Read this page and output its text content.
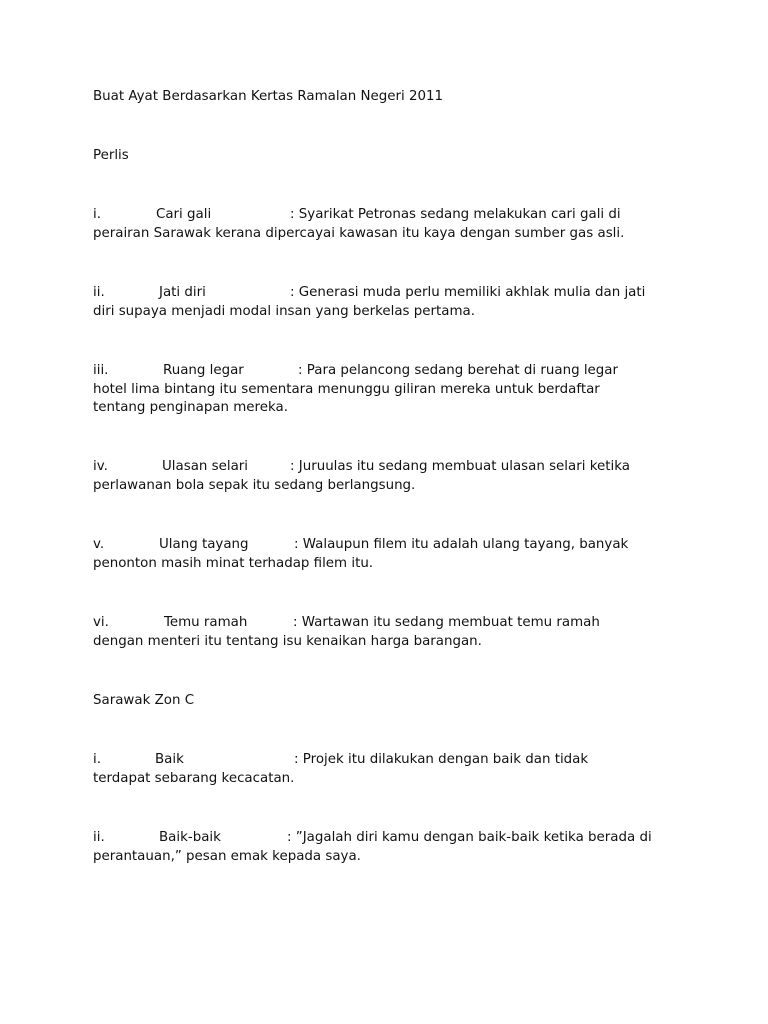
Buat Ayat Berdasarkan Kertas Ramalan Negeri 2011
Perlis
i.	Cari gali	: Syarikat Petronas sedang melakukan cari gali di
perairan Sarawak kerana dipercayai kawasan itu kaya dengan sumber gas asli.
ii.	Jati diri	: Generasi muda perlu memiliki akhlak mulia dan jati
diri supaya menjadi modal insan yang berkelas pertama.
iii.	Ruang legar	: Para pelancong sedang berehat di ruang legar
hotel lima bintang itu sementara menunggu giliran mereka untuk berdaftar
tentang penginapan mereka.
iv.	Ulasan selari	: Juruulas itu sedang membuat ulasan selari ketika
perlawanan bola sepak itu sedang berlangsung.
v.	Ulang tayang	: Walaupun filem itu adalah ulang tayang, banyak
penonton masih minat terhadap filem itu.
vi.	Temu ramah	: Wartawan itu sedang membuat temu ramah
dengan menteri itu tentang isu kenaikan harga barangan.
Sarawak Zon C
i.	Baik	: Projek itu dilakukan dengan baik dan tidak
terdapat sebarang kecacatan.
ii.	Baik-baik	: ”Jagalah diri kamu dengan baik-baik ketika berada di
perantauan,” pesan emak kepada saya.
